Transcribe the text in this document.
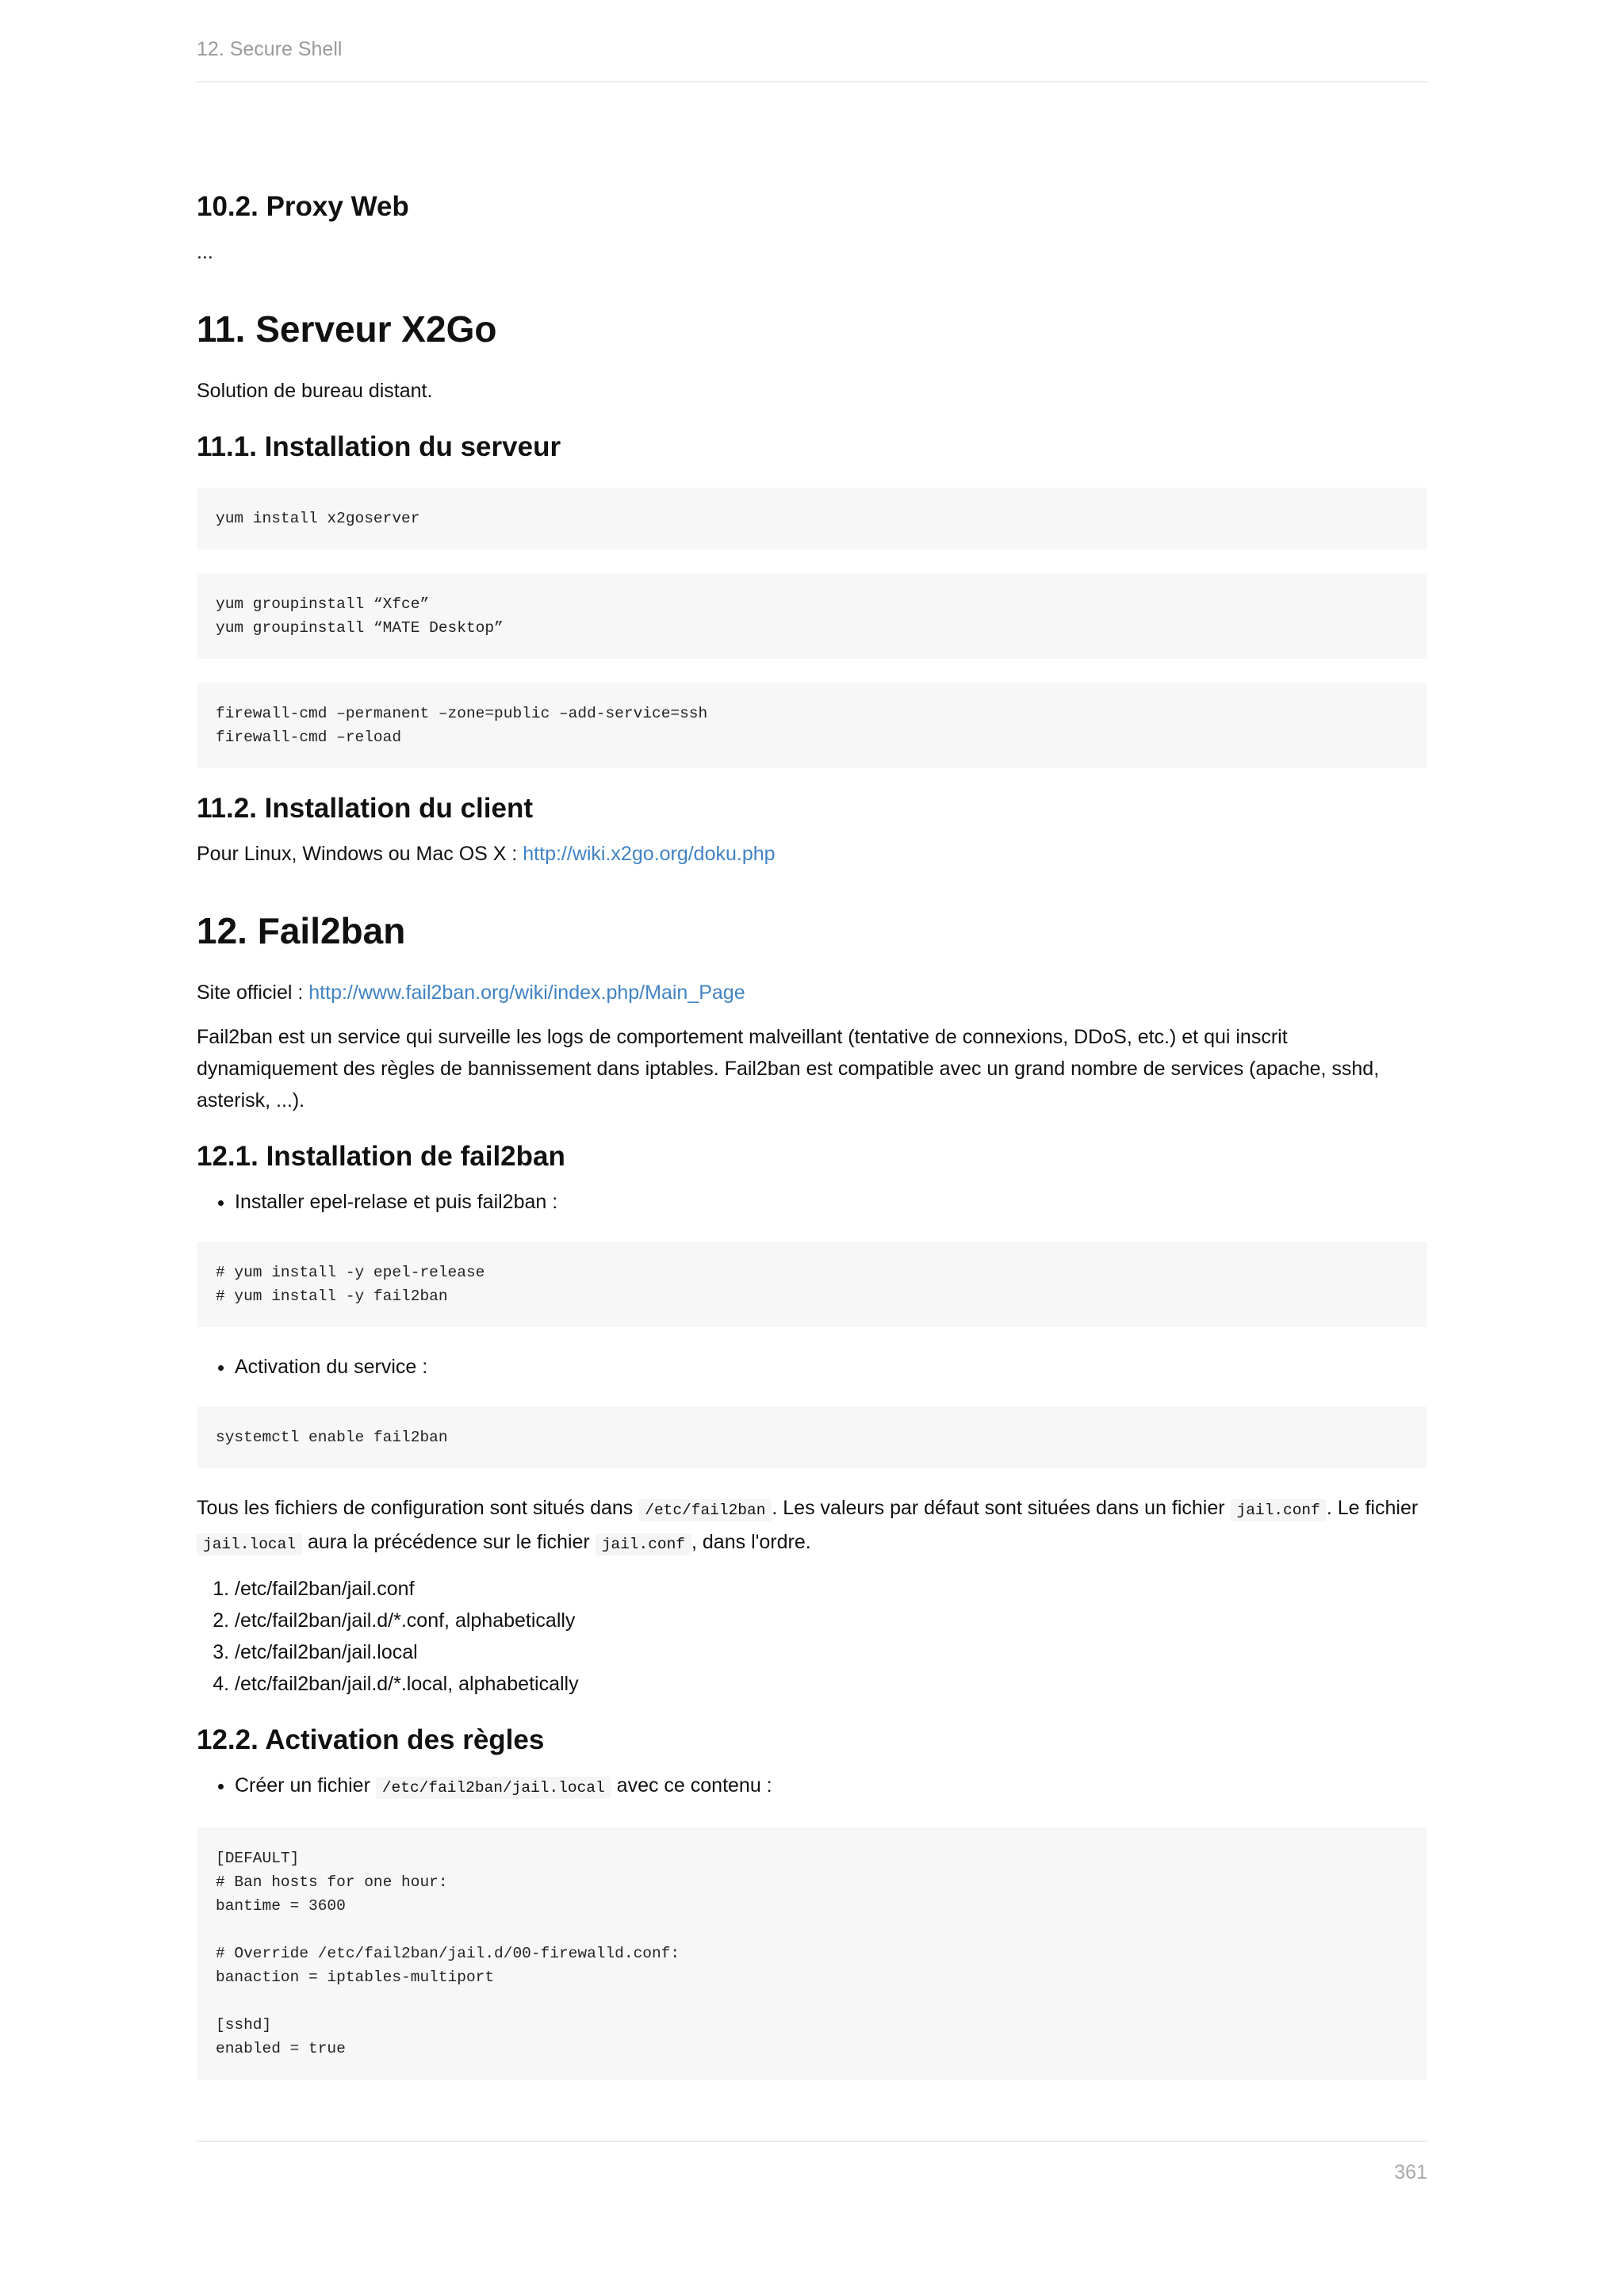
12. Secure Shell
10.2. Proxy Web

...

11. Serveur X2Go

Solution de bureau distant.

11.1. Installation du serveur
yum install x2goserver
yum groupinstall “Xfce”
yum groupinstall “MATE Desktop”
firewall-cmd –permanent –zone=public –add-service=ssh
firewall-cmd –reload
11.2. Installation du client

Pour Linux, Windows ou Mac OS X : http://wiki.x2go.org/doku.php

12. Fail2ban

Site officiel : http://www.fail2ban.org/wiki/index.php/Main_Page

Fail2ban est un service qui surveille les logs de comportement malveillant (tentative de connexions, DDoS, etc.) et qui inscrit dynamiquement des règles de bannissement dans iptables. Fail2ban est compatible avec un grand nombre de services (apache, sshd, asterisk, ...).

12.1. Installation de fail2ban
• Installer epel-relase et puis fail2ban :
# yum install -y epel-release
# yum install -y fail2ban
• Activation du service :
systemctl enable fail2ban

Tous les fichiers de configuration sont situés dans /etc/fail2ban . Les valeurs par défaut sont situées dans un fichier jail.conf . Le fichier jail.local aura la précédence sur le fichier jail.conf , dans l'ordre.

1. /etc/fail2ban/jail.conf
2. /etc/fail2ban/jail.d/*.conf, alphabetically
3. /etc/fail2ban/jail.local
4. /etc/fail2ban/jail.d/*.local, alphabetically
12.2. Activation des règles
• Créer un fichier /etc/fail2ban/jail.local avec ce contenu :
[DEFAULT]
# Ban hosts for one hour:
bantime = 3600

# Override /etc/fail2ban/jail.d/00-firewalld.conf:
banaction = iptables-multiport

[sshd]
enabled = true
361
